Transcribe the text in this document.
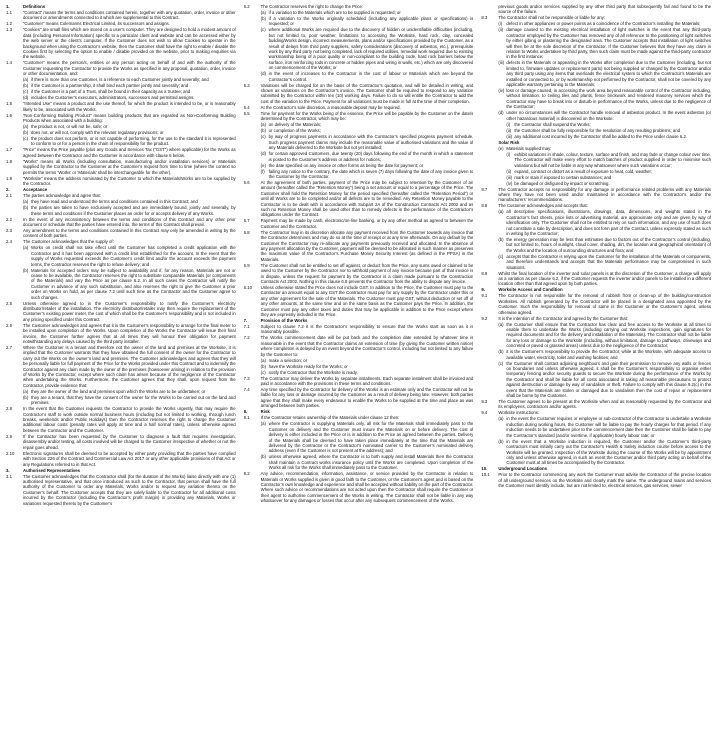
1.	Definitions
1.1	“Contract” means the terms and conditions contained herein, together with any quotation, order, invoice or other document or amendments connected to it which are supplemental to this Contract.
1.2	“Customer” means Colemanns Electrical Limited, its successors and assigns.
1.3	“Cookies” are small files which are stored on a user’s computer. They are designed to hold a modest amount of data (including Personal Information) specific to a particular client and website and can be accessed either by the web server or the client’s computer. If the Customer does not wish to allow Cookies to operate in the background when using the Contractor’s website, then the Customer shall have the right to enable / disable the Cookies first by selecting the option to enable / disable provided on the website, prior to making enquiries via the website.
1.4	“Customer” means the person/s, entities or any person acting on behalf of and with the authority of the Customer requesting the Contractor to provide the Works as specified in any proposal, quotation, order, invoice or other documentation, and:
(a) if there is more than one Customer, is a reference to each Customer jointly and severally; and
(b) if the Customer is a partnership, it shall bind each partner jointly and severally; and
(c) if the Customer is a part of a Trust, shall be bound in their capacity as a trustee; and
(d) includes the Customer’s executors, administrators, successors and permitted assigns.
1.5	“Intended Use” means a product and the use thereof, for which the product is intended to be, or is reasonably likely to be, associated with the Works.
1.6	“Non-Conforming Building Product” means building products that are regarded as Non-Conforming Building Products when associated with a building:
(a) the product is not, or will not be, safe; or
(b) does not, or will not, comply with the relevant regulatory provisions; or
(c) the product does not perform, or is not capable of performing, for the use to the standard it is represented to conform to or for a person in the chain of responsibility for the product.
1.7	“Price” means the Price payable (plus any Goods and Services Tax (“GST”) where applicable) for the Works as agreed between the Contractor and the Customer in accordance with clause 6 below.
1.8	“Works” means all Works (including consultation, manufacturing and/or installation services) or Materials supplied by the Contractor to the Customer at the Customer’s request from time to time (where the context so permits the terms ‘Works’ or ‘Materials’ shall be interchangeable for the other).
1.9	“Worksite” means the address nominated by the Customer to which the Materials/Works are to be supplied by the Contractor.
2.	Acceptance
2.1	The parties acknowledge and agree that:
(a) they have read and understood the terms and conditions contained in this Contract; and
(b) the parties are taken to have exclusively accepted and are immediately bound, jointly and severally, by these terms and conditions if the Customer places an order for or accepts delivery of any Works.
2.2	In the event of any inconsistency between the terms and conditions of this Contract and any other prior document or schedule that the parties have entered into, the terms of this Contract shall prevail.
2.3	Any amendment to the terms and conditions contained in this Contract may only be amended in writing by the consent of both parties.
2.4	The Customer acknowledges that the supply of:
(a) Works on credit shall not take effect until the Customer has completed a credit application with the Contractor and it has been approved with a credit limit established for the account. In the event that the supply of Works requested exceeds the Customer’s credit limit and/or the account exceeds the payment terms, the Contractor reserves the right to refuse delivery; and
(b) Materials for accepted orders may be subject to availability and if, for any reason, Materials are not or cease to be available, the Contractor reserves the right to substitute comparable Materials (or components of the Materials) and vary the Price as per clause 6.2. In all such cases the Contractor will notify the Customer in advance of any such substitution, and also reserves the right to give the Customer a prior order on Works on hold, as per clause 7.2 until such time as the Contractor and the Customer agree to such changes.
2.5	Unless otherwise agreed to in the Customer’s responsibility to notify the Customer’s electricity distributor/retailer of the installation. The electricity distributor/retailer may then require the replacement of the Customer’s existing power meter, the cost of which shall be the Customer’s responsibility and is not included in any pricing specified under this Contract.
2.6	The Customer acknowledges and agrees that it is the Customer’s responsibility to arrange for the final meter to be installed upon completion of the Works. Upon completion of the Works the Contractor will issue their final invoice, the Customer further agrees that at all times they will honour their obligation for payment notwithstanding any delays caused by the third party installer.
2.7	Where the Customer is a tenant and therefore not the owner of the land and premises at the Worksite, it is implied that the Customer warrants that they have obtained the full consent of the owner for the Contractor to carry out the Works on the owner’s land and premises. The Customer acknowledges and agrees that they will be personally liable for full payment of the Price for the Works provided under this Contract and to indemnify the Contractor against any claim made by the owner of the premises (howsoever arising) in relation to the provision of Works by the Contractor, except where such claim has arisen because of the negligence of the Contractor when undertaking the Works. Furthermore, the Customer agrees that they shall, upon request from the Contractor, provide evidence that:
(a) they are the owner of the land and premises upon which the Works are to be undertaken; or
(b) they are a tenant, that they have the consent of the owner for the Works to be carried out on the land and premises.
2.8	In the event that the Customer requests the Contractor to provide the Works urgently, that may require the Contractor’s staff to work outside normal business hours (including but not limited to working, through lunch breaks, weekends and/or Public Holidays) then the Contractor reserves the right to charge the Customer additional labour costs (penalty rates will apply at time and a half normal rates), unless otherwise agreed between the Contractor and the Customer.
2.9	If the Contractor has been requested by the Customer to diagnose a fault that requires investigation, disassembly and/or testing, all costs involved will be charged to the Customer irrespective of whether or not the repair goes ahead.
2.10	Electronic signatures shall be deemed to be accepted by either party providing that the parties have complied with Section 226 of the Contract and Commercial Law Act 2017 or any other applicable provisions of that Act or any Regulations referred to in that Act.
3.	Authorised Representatives
3.1	The Customer acknowledges that the Contractor shall (for the duration of the Works) liaise directly with one (1) authorised representative, and that once introduced as such to the Contractor, that person shall have the full authority of the Customer to order any Materials, Works and/or to request any variation thereto on the Customer’s behalf. The Customer accepts that they are solely liable to the Contractor for all additional costs incurred by the Contractor (including the Contractor’s profit margin) in providing any Materials, Works or variations requested thereto by the Customer’s
6.2	The Contractor reserves the right to change the Price:
(a) if a variation to the Materials which are to be supplied is requested; or
(b) if a variation to the Works originally scheduled (including any applicable plans or specifications) is requested; or
(c) where additional Works are required due to the discovery of hidden or unidentifiable difficulties (including, but not limited to, poor weather, limitations to accessing the Worksite, hard rock, clay, concealed building/Works design, incorrect measurements, plans and/or specifications provided by the Customer, as a result of delays from third party suppliers, safety considerations (discovery of asbestos, etc.), prerequisite work by any third party not being completed, lack of required utilities, remedial work required due to existing workmanship being of a poor quality or non-compliant to the building code, hard rock barriers below the surface, iron reinforcing rods in concrete or hidden pipes and wiring in walls, etc.) which are only discovered on commencement of the Works; or
(d) in the event of increases to the Contractor in the cost of labour or Materials which are beyond the Contractor’s control.
6.3	Variations will be charged for on the basis of the Contractor’s quotation, and will be detailed in writing, and shown as variations on the Contractor’s invoice. The Customer shall be required to respond to any variation submitted by the Contractor within ten (10) working days. Failure to do so will entitle the Contractor to add the cost of the variation to the Price. Payment for all variations must be made in full at the time of their completion.
6.4	At the Contractor’s sole discretion, a reasonable deposit may be required.
6.5	Time for payment for the Works being of the essence, the Price will be payable by the Customer on the date/s determined by the Contractor, which may be:
(a) on delivery of the Materials;
(b) or completion of the Works;
(c) by way of progress payments in accordance with the Contractor’s specified progress payment schedule. Such progress payment claims may include the reasonable value of authorised variations and the value of any Materials delivered to the Worksite but not yet installed;
(d) for certain approved Customers, due twenty (20) days following the end of the month in which a statement is posted to the Customer’s address or address for notices;
(e) the date specified on any invoice or other forms as being the date for payment; or
(f) failing any notice to the contrary, the date which is seven (7) days following the date of any invoice given to the Customer by the Contractor.
6.6	At the agreement of both parties, payment of the Price may be subject to retention by the Customer of an amount (hereafter called the “Retention Money”) being a set amount or equal to a percentage of the Price. The Customer shall hold the Retention Money for the period specified (hereafter called the “Retention Period”) or until all Works are to be completed and/or all defects are to be remedied. Any Retention Money payable to the Contractor is to be dealt with in accordance with Subpart 2A of the Construction Contracts Act 2002 and as such no Retention Money shall be used other than to remedy defects in the performance of the Contractor’s obligations under the Contract.
6.7	Payment may be made by cash, electronic/on-line banking, or by any other method as agreed to between the Customer and the Contractor.
6.8	The Contractor may in its discretion allocate any payment received from the Customer towards any invoice that the Contractor determines and may do so at the time of receipt or at any time afterwards. On any default by the Customer the Contractor may re-allocate any payments previously received and allocated. In the absence of any payment allocation by the Customer, payment will be deemed to be allocated in such manner as preserves the maximum value of the Contractor’s Purchase Money Security Interest (as defined in the PPSA) in the Materials.
6.9	The Customer shall not be entitled to set off against, or deduct from the Price, any sums owed or claimed to be owed to the Customer by the Contractor nor to withhold payment of any invoice because part of that invoice is in dispute, unless the request for payment by the Contractor is a claim made pursuant to the Construction Contracts Act 2002. Nothing in this clause 6.9 prevents the Contractor from the ability to dispute any invoice.
6.10	Unless otherwise stated the Price does not include GST. In addition to the Price, the Customer must pay to the Contractor an amount equal to any GST the Contractor must pay for any supply by the Contractor under this or any other agreement for the sale of the Materials. The Customer must pay GST, without deduction or set off of any other amounts, at the same time and on the same basis as the Customer pays the Price. In addition, the Customer must pay any other taxes and duties that may be applicable in addition to the Price except where they are expressly included in the Price.
7.	Provision of the Works
7.1	Subject to clause 7.2 it is the Contractor’s responsibility to ensure that the Works start as soon as it is reasonably possible.
7.2	The Works commencement date will be put back and the completion date extended by whatever time is reasonable in the event that the Contractor claims an extension of time (by giving the Customer written notice) where completion is delayed by an event beyond the Contractor’s control, including but not limited to any failure by the Customer to:
(a) make a selection; or
(b) have the Worksite ready for the Works; or
(c) notify the Contractor that the Worksite is ready.
7.3	The Contractor may deliver the Works by separate instalments. Each separate instalment shall be invoiced and paid in accordance with the provisions in these terms and conditions.
7.4	Any time specified by the Contractor for delivery of the Works is an estimate only and the Contractor will not be liable for any loss or damage incurred by the Customer as a result of delivery being late. However, both parties agree that they shall make every endeavour to enable the Works to be supplied at the time and place as was arranged between both parties.
8.	Risk
8.1	If the Contractor retains ownership of the Materials under clause 12 then:
(a) where the Contractor is supplying Materials only, all risk for the Materials shall immediately pass to the Customer on delivery and the Customer must insure the Materials on or before delivery. The cost of delivery is either included in the Price or is in addition to the Price as agreed between the parties. Delivery of the Materials shall be deemed to have taken place immediately at the time that the Materials are delivered by the Contractor or the Contractor’s nominated carrier to the Customer’s nominated delivery address (even if the Customer is not present at the address); and
(b) unless otherwise agreed, where the Contractor is to both supply and install Materials then the Contractor shall maintain a Contract works insurance policy until the Works are completed. Upon completion of the Works all risk for the Works shall immediately pass to the Customer.
8.2	Any advice, recommendation, information, assistance, or service provided by the Contractor in relation to Materials or Works supplied is given in good faith to the Customer, or the Customer’s agent and is based on the Contractor’s own knowledge and experience and shall be accepted without liability on the part of the Contractor. Where such advice or recommendations are not acted upon then the Contractor shall require the Customer or their agent to authorise commencement of the Works in writing. The Contractor shall not be liable in any way whatsoever for any damages or losses that occur after any subsequent commencement of the Works.
previous goods and/or services supplied by any other third party that subsequently fail and found to be the source of the failure.
8.3	The Contractor shall not be responsible or liable for any:
(i) defect in other appliances or power points as a coincidence of the Contractor’s installing the Materials;
(ii) damage caused to the existing electrical installation of light switches in the event that any third-party contractor employed by the Customer has removed any of all reference to the positioning of light switches by either gibing or plastering the designated area. The Customer accepts that installation of light switches will then be at the sole discretion of the Contractor. If the Customer believes that they have any claim in relation to Works undertaken by third party, then such claim must be made against the third-party contractor in the first instance;
(iii) defects in the Materials or appearing in the Works after completion due to the Customer (including, but not limited to, firmware updates or replacement parts) not being supplied or changed by the Contractor and/or any third party using any items that overloads the electrical system to which the Contractor’s Materials are installed or connected to, or by workmanship not performed by the Contractor, shall not be covered by any applicable warranty pertaining to the Materials;
(iv) loss or damage caused, in accessing the work area beyond reasonable control of the Contractor including, without limitation, to ceiling tiles and plants, fence brickwork and rendered masonry services which the Contractor may have to break into or disturb in performance of the Works, unless due to the negligence of the Contractor;
(d) under no circumstances will the Contractor handle removal of asbestos product. In the event asbestos (or other hazardous material) is discovered on the Worksite:
(i) the Contractor shall suspend the Works;
(ii) the Customer shall be fully responsible for the resolution of any resulting problems; and
(iii) any additional cost incurred by the Contractor shall be added to the Price under clause 6.2.
Solar Risk
(e) Materials supplied may:
(i) exhibit variations in shade, colour, texture, surface and finish, and may fade or change colour over time. The Contractor will make every effort to match batches of product supplied in order to minimise such variations but will not be liable in any way whatsoever where such variations occur;
(ii) expand, contract or distort as a result of exposure to heat, cold, weather;
(iii) mark or stain if exposed to certain substances; and
(iv) be damaged or disfigured by impact or scratching.
8.7	The Contractor accepts no responsibility for any damage or performance related problems with any Materials where they have not been used and/or maintained in accordance with the Contractor’s and/or the manufacturers’ recommendations.
8.8	The Customer acknowledges and accepts that:
(a) all descriptive specifications, illustrations, drawings, data, dimensions, and weights stated in the Contractor’s fact sheets, price lists or advertising material, are approximate only and are given by way of identification only. The Customer shall not be entitled to rely on such information, and any use of such does not constitute a sale by description, and does not form part of the Contract, unless expressly stated as such in writing by the Contractor;
(b) the energy generation may be less than estimates due to factors out of the Contractor’s control (including, but not limited to, hours of sunlight, cloud cover, shading, dirt, the location and geographical orientation) of the Works and the location of surrounding structures and flora; and
(c) accepts that the Contractor is relying upon the Customer for the installation of the Materials or components, and therefore understands and accepts that the Materials performance may be compromised in such situations.
8.9	Whilst the final location of the inverter and solar panels is at the discretion of the Customer, a charge will apply as a variation as per clause 6.2, if the Customer requests the inverter and/or panels to be installed in a different location other than that agreed upon by both parties.
9.	Worksite Access and Condition
9.1	The Contractor is not responsible for the removal of rubbish from or clean-up of the building/construction Worksites. All rubbish generated by the Contractor will be placed in a designated area appointed by the Customer. Such the responsibility for removal of same is the Customer or the Customer’s agent, unless otherwise agreed.
9.2	It is the intention of the Contractor and agreed by the Customer that:
(a) the Customer shall ensure that the Contractor has clear and free access to the Worksite at all times to enable them to undertake the Works (including carrying out Worksite inspections, gain signatures for required documents and for the delivery and installation of the Materials). The Contractor shall not be liable for any loss or damage to the Worksite (including, without limitation, damage to pathways, driveways and concreted or paved or grassed areas) unless due to the negligence of the Contractor;
(b) it is the Customer’s responsibility to provide the Contractor, while at the Worksite, with adequate access to available water, electricity, toilet and washing facilities; and
(c) the Customer shall contact adjoining neighbours and gain their permission to remove any walls or fences on boundaries and unless otherwise agreed, it shall be the Customer’s responsibility to organise either temporary fencing and/or security guards to secure the Worksite during the performance of the Works by the Contractor and shall be liable for all costs associated in taking all reasonable precautions to protect against destruction or damage by way of vandalism or theft. Failure to comply with this clause 9.2(c) in the event that the Materials are stolen or damaged due to vandalism then the cost of repair or replacement shall be borne by the Customer.
9.3	The Customer agrees to be present at the Worksite when and as reasonably requested by the Contractor and its employees, contractors and/or agents.
9.4	Worksite instructions:
(a) in the event the Customer requires or employee or sub-contractor of the Contractor to undertake a Worksite induction during working hours, the Customer will be liable to pay the hourly charges for that period. If any induction needs to be undertaken prior to the commencement date then the Customer shall be liable to pay the Contractor’s standard (and/or overtime, if applicable) hourly labour rate; or
(b) in the event that a Worksite induction is required, the Customer and/or the Customer’s third-party contractors must initially carry out the Contractor’s Health & Safety induction course before access to the Worksite will be granted. Inspection of the Worksite during the course of the Works will be by appointment only and unless otherwise agreed, in such an event the Customer and/or third party acting on behalf of the Customer must at all times be accompanied by the Contractor.
10.	Underground Locations
10.1	Prior to the Contractor commencing any work the Customer must advise the Contractor of the precise location of all underground services on the Worksite and clearly mark the same. The underground mains and services the Customer must identify include, but are not limited to, electrical services, gas services, sewer
